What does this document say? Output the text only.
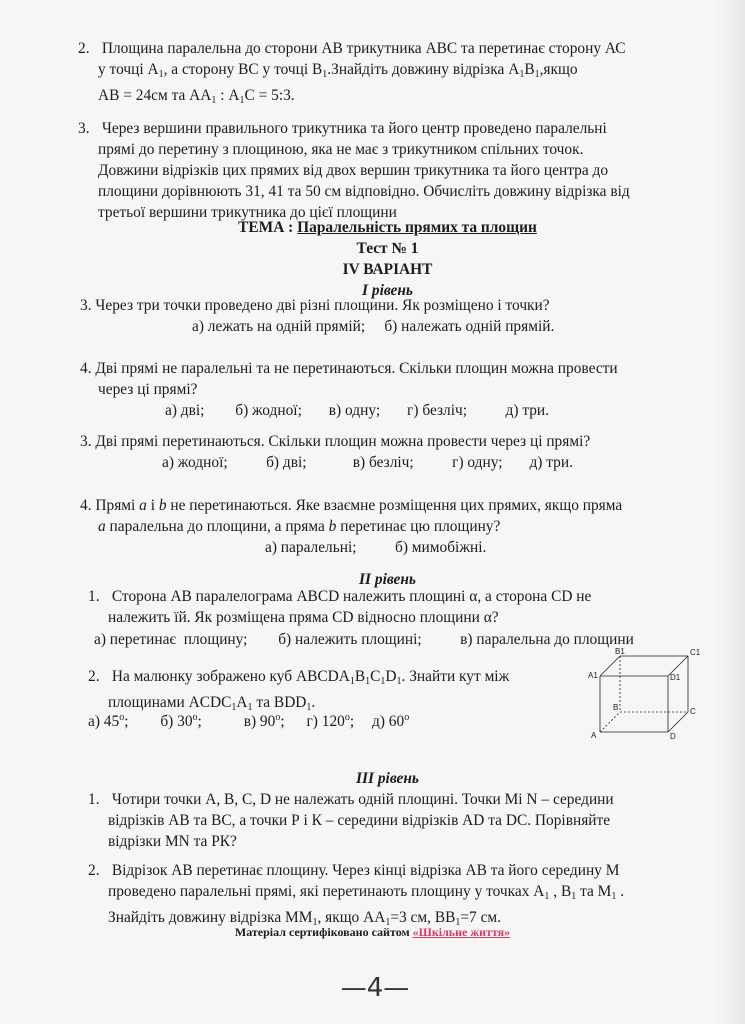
2. Площина паралельна до сторони АВ трикутника АВС та перетинає сторону АС
у точці $А_1$, а сторону ВС у точці $В_1.Знайдіть$ довжину відрізка $А_1В_1,якщо$
АВ = 24см та $АА_1$ : $А_1С$ = 5:3.
3. Через вершини правильного трикутника та його центр проведено паралельні
прямі до перетину з площиною, яка не має з трикутником спільних точок.
Довжини відрізків цих прямих від двох вершин трикутника та його центра до
площини дорівнюють 31, 41 та 50 см відповідно. Обчисліть довжину відрізка від
третьої вершини трикутника до цієї площини
ТЕМА : Паралельність прямих та площин
Тест № 1
IV ВАРІАНТ
І рівень
3. Через три точки проведено дві різні площини. Як розміщено і точки?
а) лежать на одній прямій;     б) належать одній прямій.
4. Дві прямі не паралельні та не перетинаються. Скільки площин можна провести
через ці прямі?
а) дві;        б) жодної;       в) одну;       г) безліч;          д) три.
3. Дві прямі перетинаються. Скільки площин можна провести через ці прямі?
а) жодної;          б) дві;            в) безліч;          г) одну;       д) три.
4. Прямі а і b не перетинаються. Яке взаємне розміщення цих прямих, якщо пряма
а паралельна до площини, а пряма b перетинає цю площину?
а) паралельні;          б) мимобіжні.
ІІ рівень
1. Сторона АВ паралелограма ABCD належить площині α, а сторона CD не
належить їй. Як розміщена пряма CD відносно площини α?
а) перетинає  площину;        б) належить площині;          в) паралельна до площини
2. На малюнку зображено куб $ABCDA_1B_1C_1D_1$. Знайти кут між
площинами $ACDC_1A_1$ та $BDD_1$.
а) 45$^o$; б) 30$^o$;	в) 90$^o$; г) 120$^o$; д) 60$^o$
B1	C1
A1	D1
B	C
A	D
ІІІ рівень
1. Чотири точки A, B, C, D не належать одній площині. Точки Mi N – середини
відрізків АВ та ВС, а точки Р і К – середини відрізків AD та DC. Порівняйте
відрізки MN та РК?
2. Відрізок АВ перетинає площину. Через кінці відрізка АВ та його середину М
проведено паралельні прямі, які перетинають площину у точках $А_1$ , $В_1$ та $М_1$ .
Знайдіть довжину відрізка $ММ_1$, якщо $АА_1=3$ см, $ВВ_1=7$ см.
Матеріал сертифіковано сайтом «Шкільне життя»
—4—
